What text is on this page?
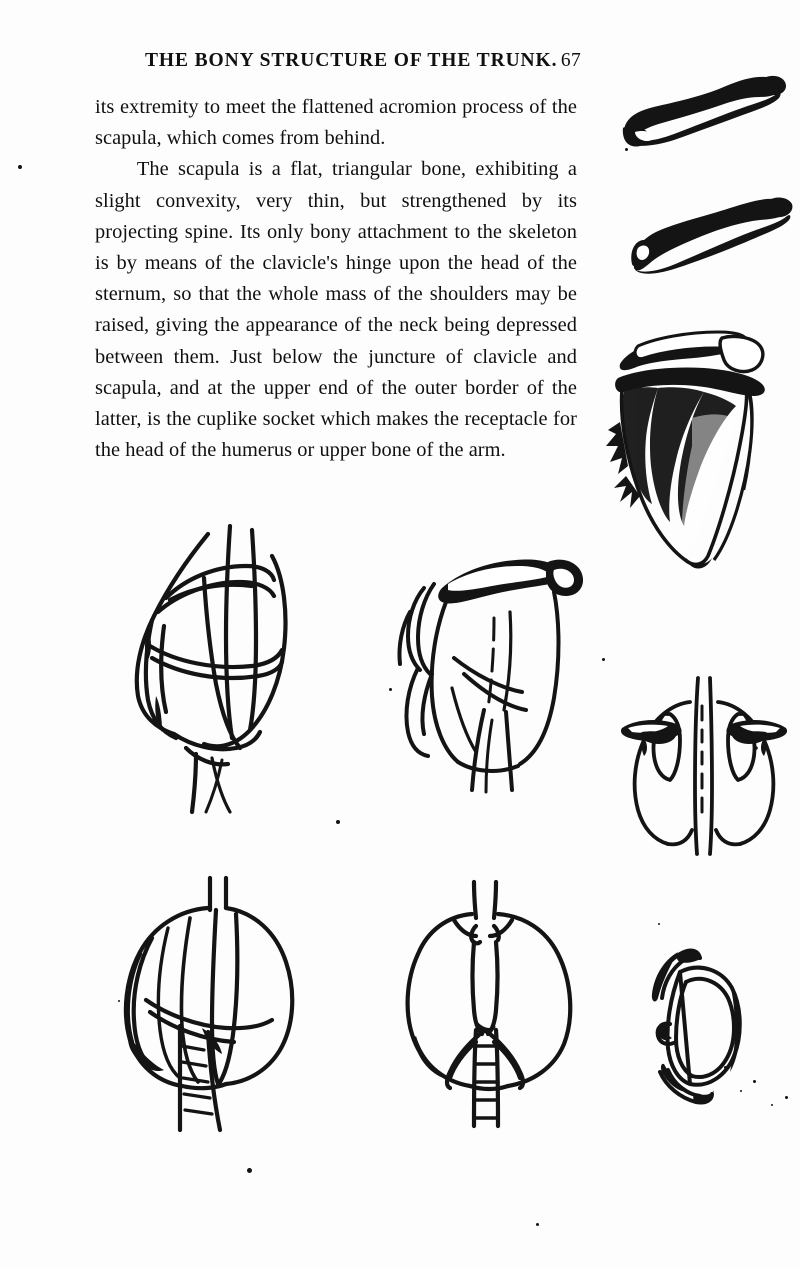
THE BONY STRUCTURE OF THE TRUNK. 67

its extremity to meet the flattened acromion process of the scapula, which comes from behind.

The scapula is a flat, triangular bone, exhibiting a slight convexity, very thin, but strengthened by its projecting spine. Its only bony attachment to the skeleton is by means of the clavicle's hinge upon the head of the sternum, so that the whole mass of the shoulders may be raised, giving the appearance of the neck being depressed between them. Just below the juncture of clavicle and scapula, and at the upper end of the outer border of the latter, is the cuplike socket which makes the receptacle for the head of the humerus or upper bone of the arm.
